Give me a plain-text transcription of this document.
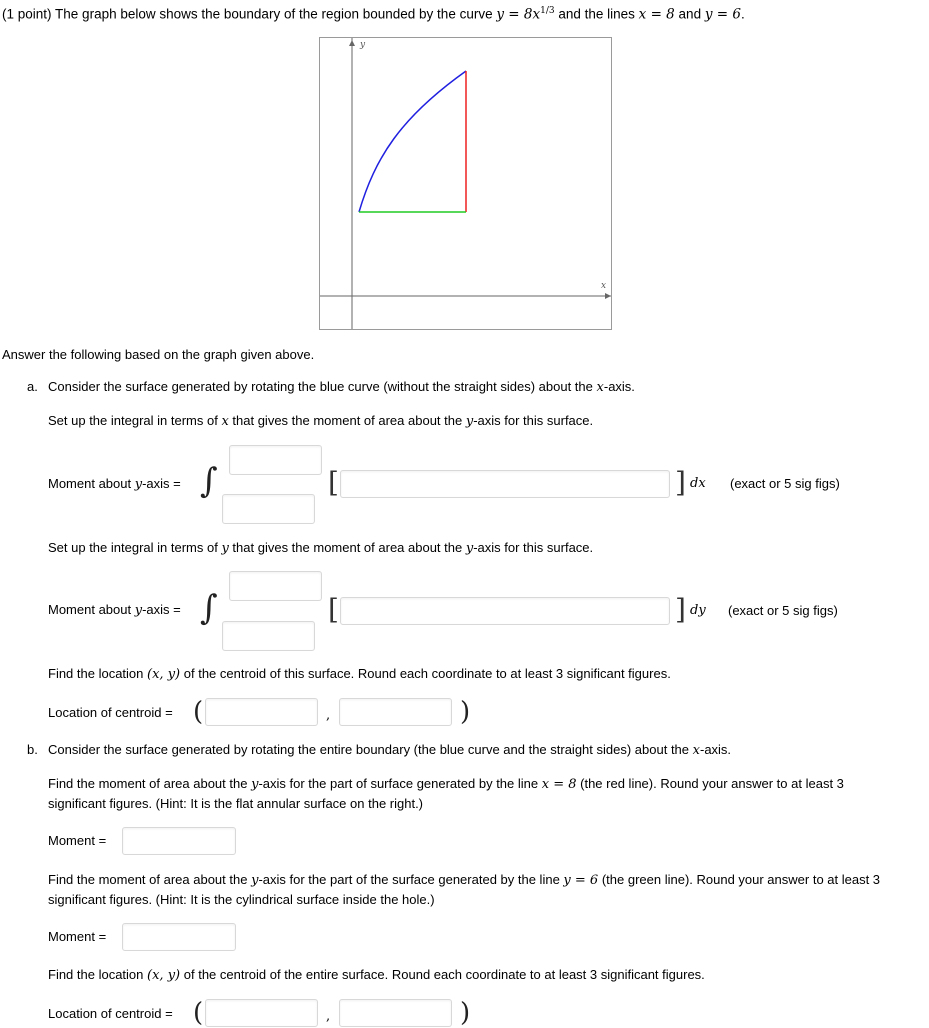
(1 point) The graph below shows the boundary of the region bounded by the curve $y = 8x^{1/3}$ and the lines x = 8 and y = 6.
y
x
Answer the following based on the graph given above.
a. Consider the surface generated by rotating the blue curve (without the straight sides) about the x-axis.
Set up the integral in terms of x that gives the moment of area about the y-axis for this surface.
Moment about y-axis = ∫	[	] dx (exact or 5 sig figs)
Set up the integral in terms of y that gives the moment of area about the y-axis for this surface.
Moment about y-axis = ∫	[	] dy (exact or 5 sig figs)
Find the location (x, y) of the centroid of this surface. Round each coordinate to at least 3 significant figures.
Location of centroid = (	,	)
b. Consider the surface generated by rotating the entire boundary (the blue curve and the straight sides) about the x-axis.
Find the moment of area about the y-axis for the part of surface generated by the line x = 8 (the red line). Round your answer to at least 3
significant figures. (Hint: It is the flat annular surface on the right.)
Moment =
Find the moment of area about the y-axis for the part of the surface generated by the line y = 6 (the green line). Round your answer to at least 3
significant figures. (Hint: It is the cylindrical surface inside the hole.)
Moment =
Find the location (x, y) of the centroid of the entire surface. Round each coordinate to at least 3 significant figures.
Location of centroid = (	,	)
